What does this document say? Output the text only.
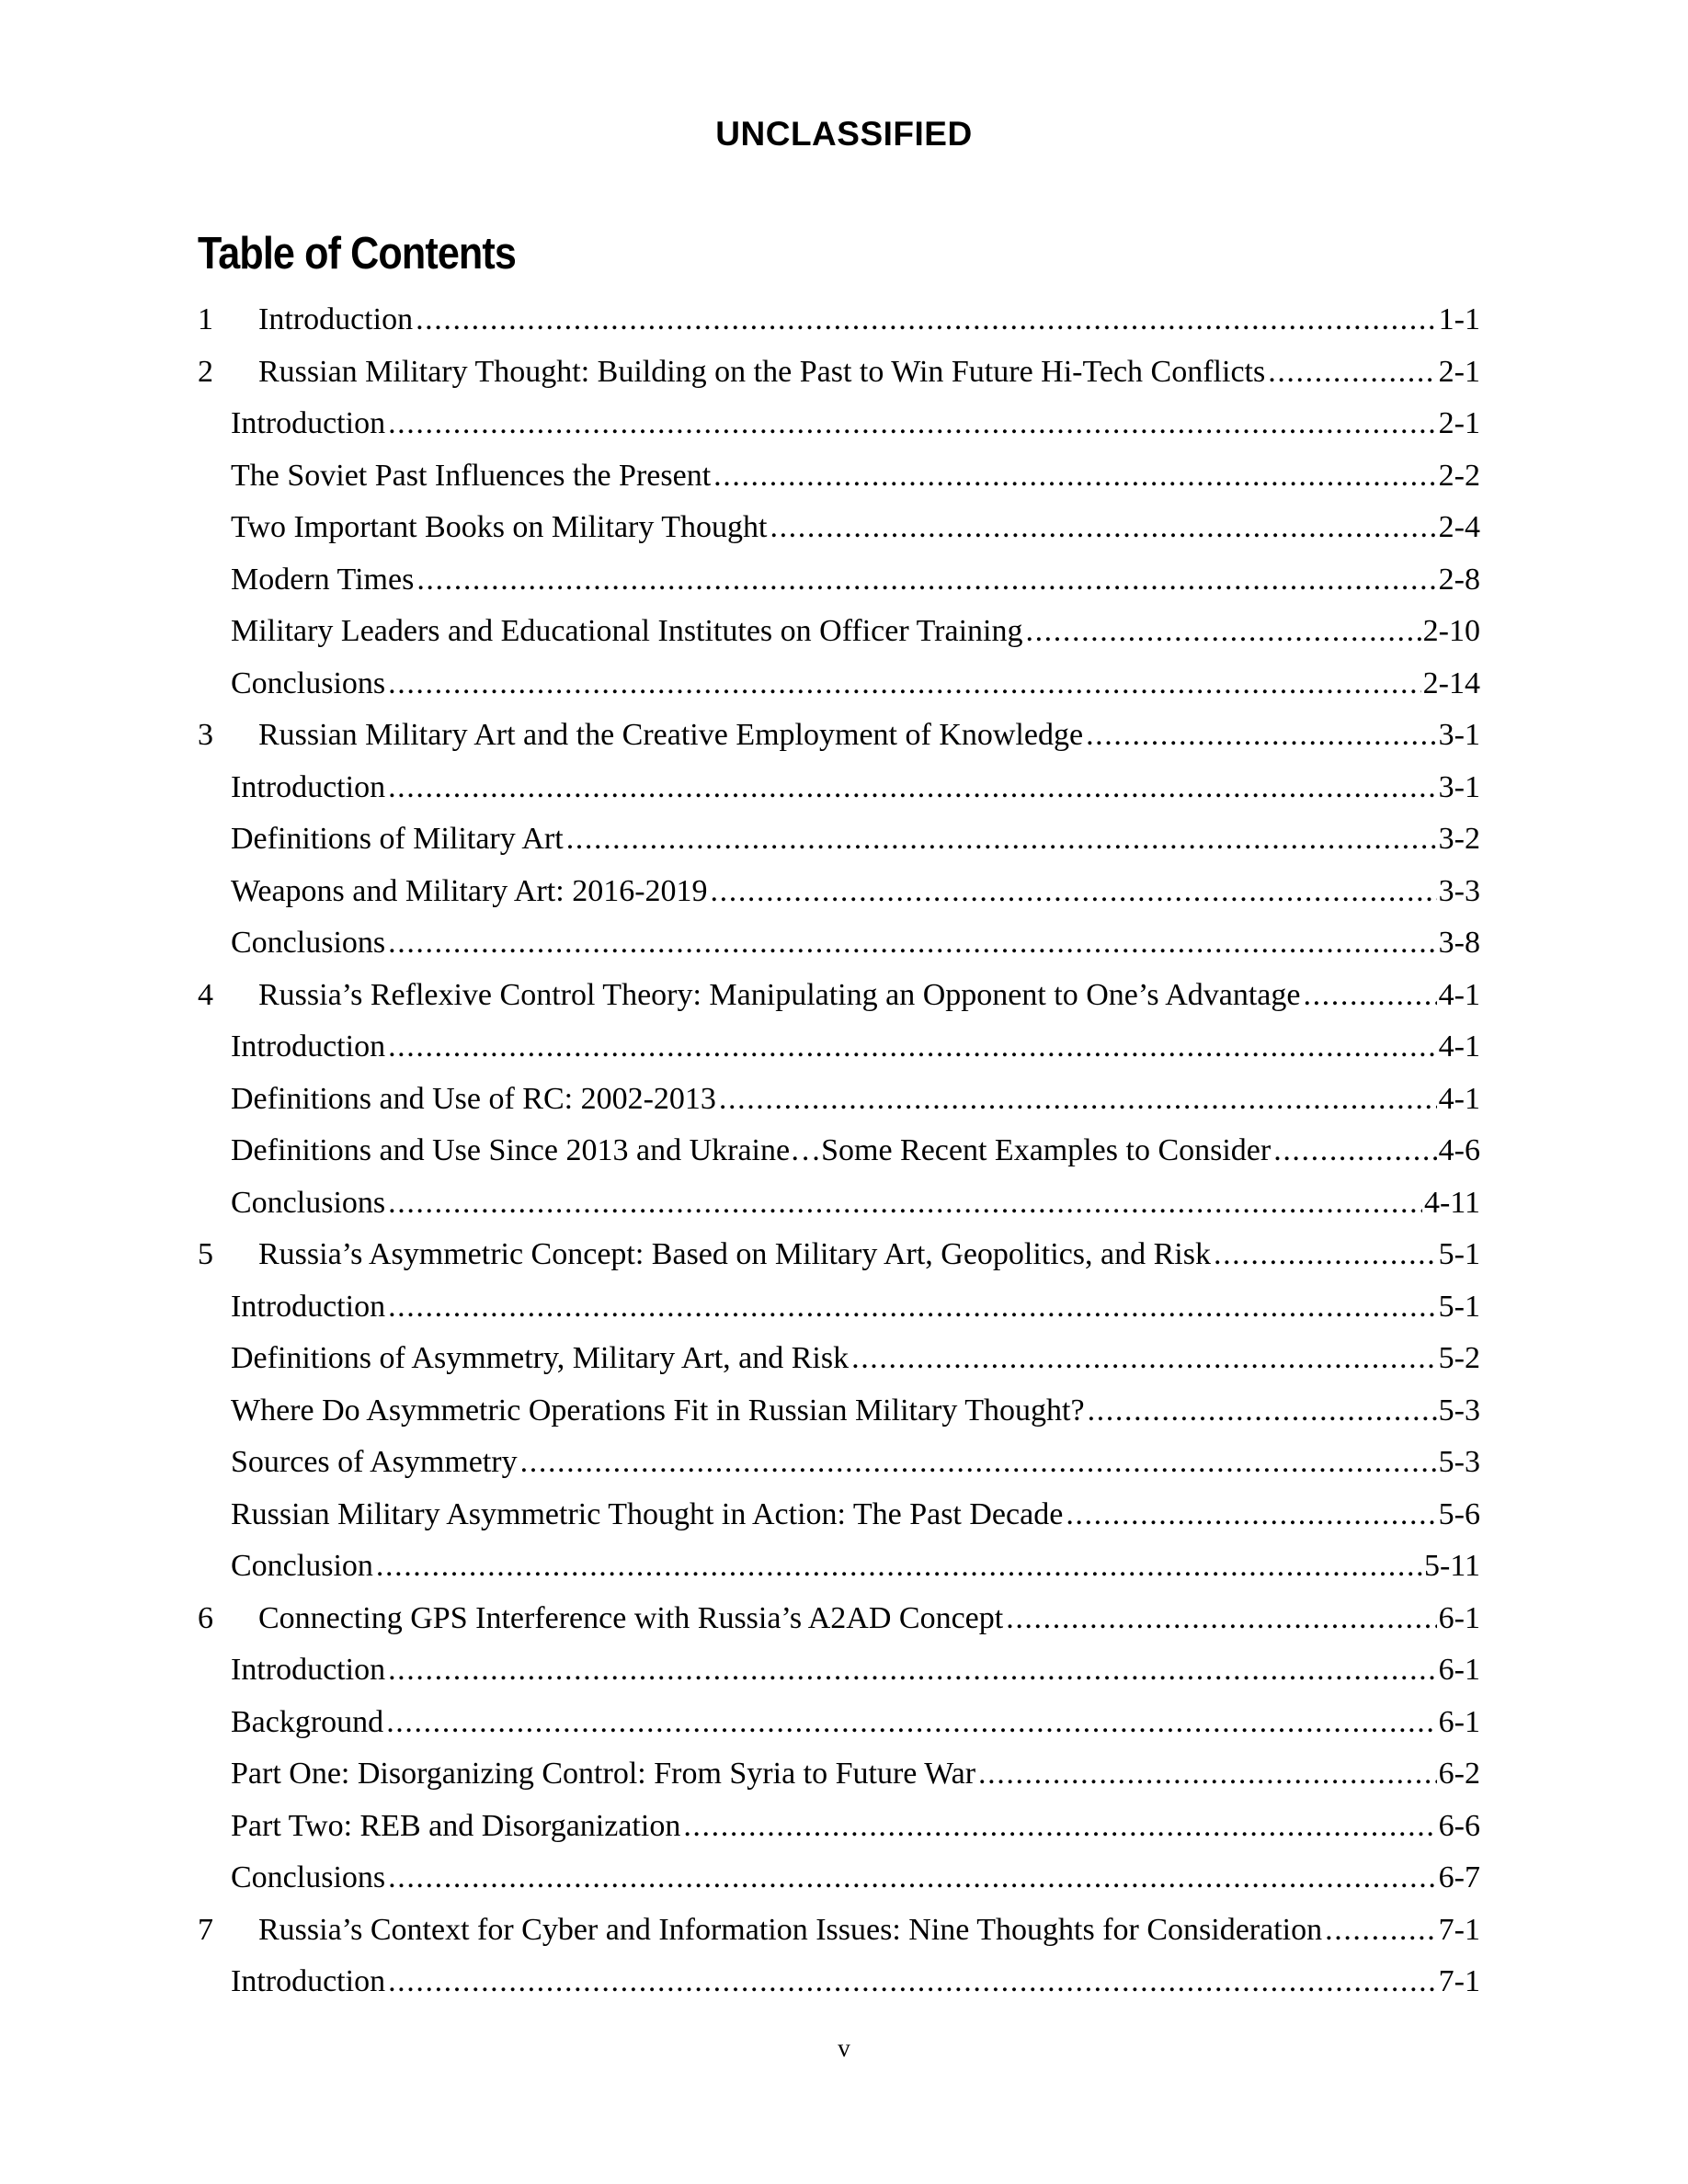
UNCLASSIFIED
Table of Contents
1	Introduction .....	1-1
2	Russian Military Thought: Building on the Past to Win Future Hi-Tech Conflicts .....	2-1
Introduction .....	2-1
The Soviet Past Influences the Present .....	2-2
Two Important Books on Military Thought .....	2-4
Modern Times .....	2-8
Military Leaders and Educational Institutes on Officer Training .....	2-10
Conclusions .....	2-14
3	Russian Military Art and the Creative Employment of Knowledge .....	3-1
Introduction .....	3-1
Definitions of Military Art .....	3-2
Weapons and Military Art: 2016-2019 .....	3-3
Conclusions .....	3-8
4	Russia’s Reflexive Control Theory: Manipulating an Opponent to One’s Advantage .....	4-1
Introduction .....	4-1
Definitions and Use of RC: 2002-2013 .....	4-1
Definitions and Use Since 2013 and Ukraine…Some Recent Examples to Consider .....	4-6
Conclusions .....	4-11
5	Russia’s Asymmetric Concept: Based on Military Art, Geopolitics, and Risk .....	5-1
Introduction .....	5-1
Definitions of Asymmetry, Military Art, and Risk .....	5-2
Where Do Asymmetric Operations Fit in Russian Military Thought? .....	5-3
Sources of Asymmetry .....	5-3
Russian Military Asymmetric Thought in Action: The Past Decade .....	5-6
Conclusion .....	5-11
6	Connecting GPS Interference with Russia’s A2AD Concept .....	6-1
Introduction .....	6-1
Background .....	6-1
Part One: Disorganizing Control: From Syria to Future War .....	6-2
Part Two: REB and Disorganization .....	6-6
Conclusions .....	6-7
7	Russia’s Context for Cyber and Information Issues: Nine Thoughts for Consideration .....	7-1
Introduction .....	7-1
v
